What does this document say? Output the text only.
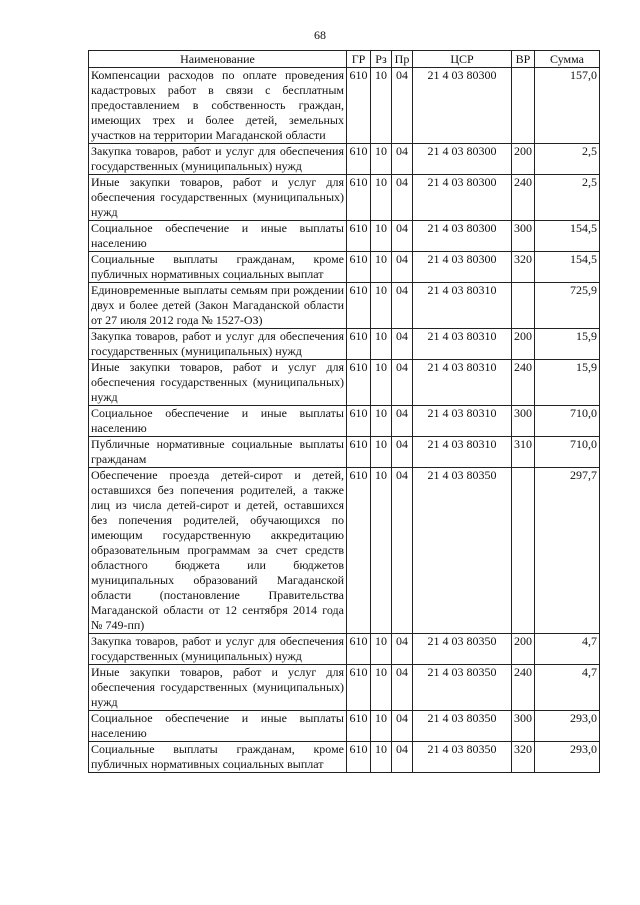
68
Наименование	ГР	Рз	Пр	ЦСР	ВР	Сумма
Компенсации расходов по оплате проведения кадастровых работ в связи с бесплатным предоставлением в собственность граждан, имеющих трех и более детей, земельных участков на территории Магаданской области	610	10	04	21 4 03 80300		157,0
Закупка товаров, работ и услуг для обеспечения государственных (муниципальных) нужд	610	10	04	21 4 03 80300	200	2,5
Иные закупки товаров, работ и услуг для обеспечения государственных (муниципальных) нужд	610	10	04	21 4 03 80300	240	2,5
Социальное обеспечение и иные выплаты населению	610	10	04	21 4 03 80300	300	154,5
Социальные выплаты гражданам, кроме публичных нормативных социальных выплат	610	10	04	21 4 03 80300	320	154,5
Единовременные выплаты семьям при рождении двух и более детей (Закон Магаданской области от 27 июля 2012 года № 1527-ОЗ)	610	10	04	21 4 03 80310		725,9
Закупка товаров, работ и услуг для обеспечения государственных (муниципальных) нужд	610	10	04	21 4 03 80310	200	15,9
Иные закупки товаров, работ и услуг для обеспечения государственных (муниципальных) нужд	610	10	04	21 4 03 80310	240	15,9
Социальное обеспечение и иные выплаты населению	610	10	04	21 4 03 80310	300	710,0
Публичные нормативные социальные выплаты гражданам	610	10	04	21 4 03 80310	310	710,0
Обеспечение проезда детей-сирот и детей, оставшихся без попечения родителей, а также лиц из числа детей-сирот и детей, оставшихся без попечения родителей, обучающихся по имеющим государственную аккредитацию образовательным программам за счет средств областного бюджета или бюджетов муниципальных образований Магаданской области (постановление Правительства Магаданской области от 12 сентября 2014 года № 749-пп)	610	10	04	21 4 03 80350		297,7
Закупка товаров, работ и услуг для обеспечения государственных (муниципальных) нужд	610	10	04	21 4 03 80350	200	4,7
Иные закупки товаров, работ и услуг для обеспечения государственных (муниципальных) нужд	610	10	04	21 4 03 80350	240	4,7
Социальное обеспечение и иные выплаты населению	610	10	04	21 4 03 80350	300	293,0
Социальные выплаты гражданам, кроме публичных нормативных социальных выплат	610	10	04	21 4 03 80350	320	293,0
